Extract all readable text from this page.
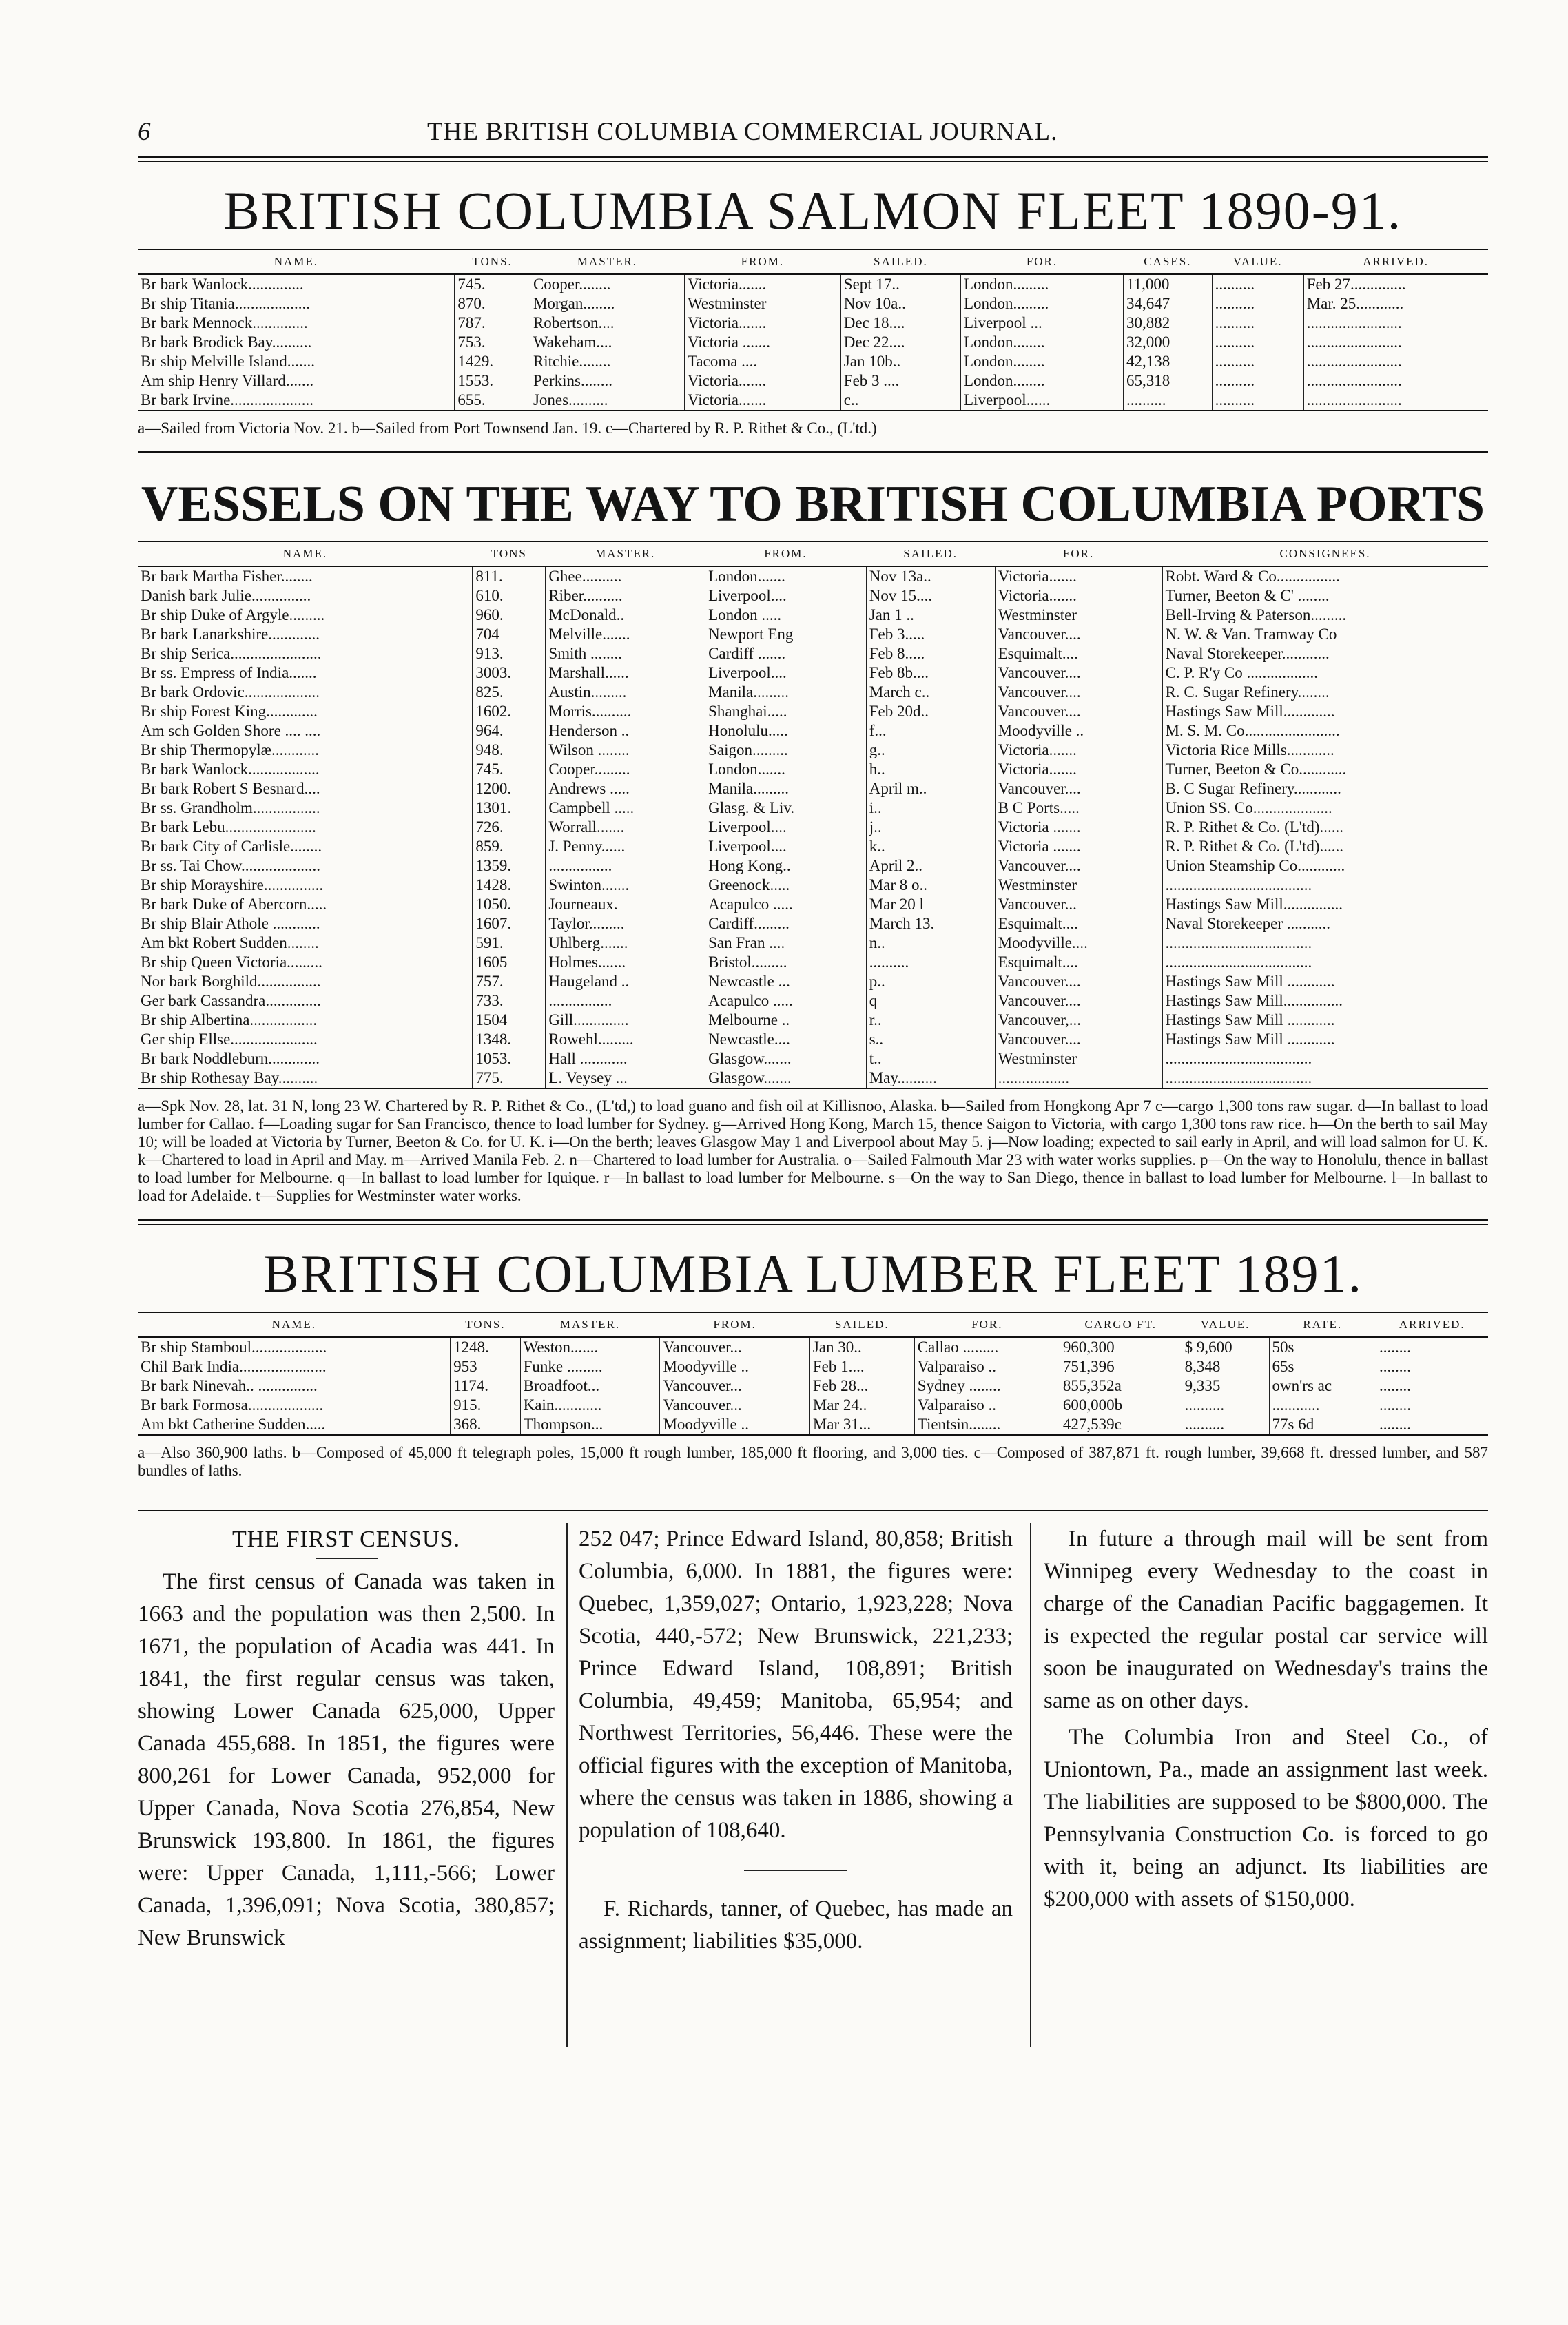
6	THE BRITISH COLUMBIA COMMERCIAL JOURNAL.
BRITISH COLUMBIA SALMON FLEET 1890-91.
NAME.	TONS.	MASTER.	FROM.	SAILED.	FOR.	CASES.	VALUE.	ARRIVED.
Br bark Wanlock..............	745.	Cooper........	Victoria.......	Sept 17..	London.........	11,000	..........	Feb 27..............
Br ship Titania...................	870.	Morgan........	Westminster	Nov 10a..	London.........	34,647	..........	Mar. 25............
Br bark Mennock..............	787.	Robertson....	Victoria.......	Dec 18....	Liverpool ...	30,882	..........	........................
Br bark Brodick Bay..........	753.	Wakeham....	Victoria .......	Dec 22....	London........	32,000	..........	........................
Br ship Melville Island.......	1429.	Ritchie........	Tacoma ....	Jan 10b..	London........	42,138	..........	........................
Am ship Henry Villard.......	1553.	Perkins........	Victoria.......	Feb 3 ....	London........	65,318	..........	........................
Br bark Irvine.....................	655.	Jones..........	Victoria.......	c..	Liverpool......	..........	..........	........................
a—Sailed from Victoria Nov. 21. b—Sailed from Port Townsend Jan. 19. c—Chartered by R. P. Rithet & Co., (L'td.)
VESSELS ON THE WAY TO BRITISH COLUMBIA PORTS
NAME.	TONS	MASTER.	FROM.	SAILED.	FOR.	CONSIGNEES.
Br bark Martha Fisher........	811.	Ghee..........	London.......	Nov 13a..	Victoria.......	Robt. Ward & Co................
Danish bark Julie...............	610.	Riber..........	Liverpool....	Nov 15....	Victoria.......	Turner, Beeton & C' ........
Br ship Duke of Argyle.........	960.	McDonald..	London .....	Jan 1 ..	Westminster	Bell-Irving & Paterson.........
Br bark Lanarkshire.............	704	Melville.......	Newport Eng	Feb 3.....	Vancouver....	N. W. & Van. Tramway Co
Br ship Serica.......................	913.	Smith ........	Cardiff .......	Feb 8.....	Esquimalt....	Naval Storekeeper............
Br ss. Empress of India.......	3003.	Marshall......	Liverpool....	Feb 8b....	Vancouver....	C. P. R'y Co ..................
Br bark Ordovic...................	825.	Austin.........	Manila.........	March c..	Vancouver....	R. C. Sugar Refinery........
Br ship Forest King.............	1602.	Morris..........	Shanghai.....	Feb 20d..	Vancouver....	Hastings Saw Mill.............
Am sch Golden Shore .... ....	964.	Henderson ..	Honolulu.....	f...	Moodyville ..	M. S. M. Co........................
Br ship Thermopylæ............	948.	Wilson ........	Saigon.........	g..	Victoria.......	Victoria Rice Mills............
Br bark Wanlock..................	745.	Cooper.........	London.......	h..	Victoria.......	Turner, Beeton & Co............
Br bark Robert S Besnard....	1200.	Andrews .....	Manila.........	April m..	Vancouver....	B. C Sugar Refinery............
Br ss. Grandholm.................	1301.	Campbell .....	Glasg. & Liv.	i..	B C Ports.....	Union SS. Co....................
Br bark Lebu.......................	726.	Worrall.......	Liverpool....	j..	Victoria .......	R. P. Rithet & Co. (L'td)......
Br bark City of Carlisle........	859.	J. Penny......	Liverpool....	k..	Victoria .......	R. P. Rithet & Co. (L'td)......
Br ss. Tai Chow....................	1359.	................	Hong Kong..	April 2..	Vancouver....	Union Steamship Co............
Br ship Morayshire...............	1428.	Swinton.......	Greenock.....	Mar 8 o..	Westminster	.....................................
Br bark Duke of Abercorn.....	1050.	Journeaux.	Acapulco .....	Mar 20 l	Vancouver...	Hastings Saw Mill...............
Br ship Blair Athole ............	1607.	Taylor.........	Cardiff.........	March 13.	Esquimalt....	Naval Storekeeper ...........
Am bkt Robert Sudden........	591.	Uhlberg.......	San Fran ....	n..	Moodyville....	.....................................
Br ship Queen Victoria.........	1605	Holmes.......	Bristol.........	..........	Esquimalt....	.....................................
Nor bark Borghild................	757.	Haugeland ..	Newcastle ...	p..	Vancouver....	Hastings Saw Mill ............
Ger bark Cassandra..............	733.	................	Acapulco .....	q	Vancouver....	Hastings Saw Mill...............
Br ship Albertina.................	1504	Gill..............	Melbourne ..	r..	Vancouver,...	Hastings Saw Mill ............
Ger ship Ellse......................	1348.	Rowehl.........	Newcastle....	s..	Vancouver....	Hastings Saw Mill ............
Br bark Noddleburn.............	1053.	Hall ............	Glasgow.......	t..	Westminster	.....................................
Br ship Rothesay Bay..........	775.	L. Veysey ...	Glasgow.......	May..........	..................	.....................................
a—Spk Nov. 28, lat. 31 N, long 23 W. Chartered by R. P. Rithet & Co., (L'td,) to load guano and fish oil at Killisnoo, Alaska. b—Sailed from Hongkong Apr 7 c—cargo 1,300 tons raw sugar. d—In ballast to load lumber for Callao. f—Loading sugar for San Francisco, thence to load lumber for Sydney. g—Arrived Hong Kong, March 15, thence Saigon to Victoria, with cargo 1,300 tons raw rice. h—On the berth to sail May 10; will be loaded at Victoria by Turner, Beeton & Co. for U. K. i—On the berth; leaves Glasgow May 1 and Liverpool about May 5. j—Now loading; expected to sail early in April, and will load salmon for U. K. k—Chartered to load in April and May. m—Arrived Manila Feb. 2. n—Chartered to load lumber for Australia. o—Sailed Falmouth Mar 23 with water works supplies. p—On the way to Honolulu, thence in ballast to load lumber for Melbourne. q—In ballast to load lumber for Iquique. r—In ballast to load lumber for Melbourne. s—On the way to San Diego, thence in ballast to load lumber for Melbourne. l—In ballast to load for Adelaide. t—Supplies for Westminster water works.
BRITISH COLUMBIA LUMBER FLEET 1891.
NAME.	TONS.	MASTER.	FROM.	SAILED.	FOR.	CARGO FT.	VALUE.	RATE.	ARRIVED.
Br ship Stamboul...................	1248.	Weston.......	Vancouver...	Jan 30..	Callao .........	960,300	$ 9,600	50s	........
Chil Bark India......................	953	Funke .........	Moodyville ..	Feb 1....	Valparaiso ..	751,396	8,348	65s	........
Br bark Ninevah.. ...............	1174.	Broadfoot...	Vancouver...	Feb 28...	Sydney ........	855,352a	9,335	own'rs ac	........
Br bark Formosa...................	915.	Kain............	Vancouver...	Mar 24..	Valparaiso ..	600,000b	..........	............	........
Am bkt Catherine Sudden.....	368.	Thompson...	Moodyville ..	Mar 31...	Tientsin........	427,539c	..........	77s 6d	........
a—Also 360,900 laths. b—Composed of 45,000 ft telegraph poles, 15,000 ft rough lumber, 185,000 ft flooring, and 3,000 ties. c—Composed of 387,871 ft. rough lumber, 39,668 ft. dressed lumber, and 587 bundles of laths.
THE FIRST CENSUS.
The first census of Canada was taken in 1663 and the population was then 2,500. In 1671, the population of Acadia was 441. In 1841, the first regular census was taken, showing Lower Canada 625,000, Upper Canada 455,688. In 1851, the figures were 800,261 for Lower Canada, 952,000 for Upper Canada, Nova Scotia 276,854, New Brunswick 193,800. In 1861, the figures were: Upper Canada, 1,111,-566; Lower Canada, 1,396,091; Nova Scotia, 380,857; New Brunswick
252 047; Prince Edward Island, 80,858; British Columbia, 6,000. In 1881, the figures were: Quebec, 1,359,027; Ontario, 1,923,228; Nova Scotia, 440,-572; New Brunswick, 221,233; Prince Edward Island, 108,891; British Columbia, 49,459; Manitoba, 65,954; and Northwest Territories, 56,446. These were the official figures with the exception of Manitoba, where the census was taken in 1886, showing a population of 108,640.
F. Richards, tanner, of Quebec, has made an assignment; liabilities $35,000.
In future a through mail will be sent from Winnipeg every Wednesday to the coast in charge of the Canadian Pacific baggagemen. It is expected the regular postal car service will soon be inaugurated on Wednesday's trains the same as on other days.
The Columbia Iron and Steel Co., of Uniontown, Pa., made an assignment last week. The liabilities are supposed to be $800,000. The Pennsylvania Construction Co. is forced to go with it, being an adjunct. Its liabilities are $200,000 with assets of $150,000.
